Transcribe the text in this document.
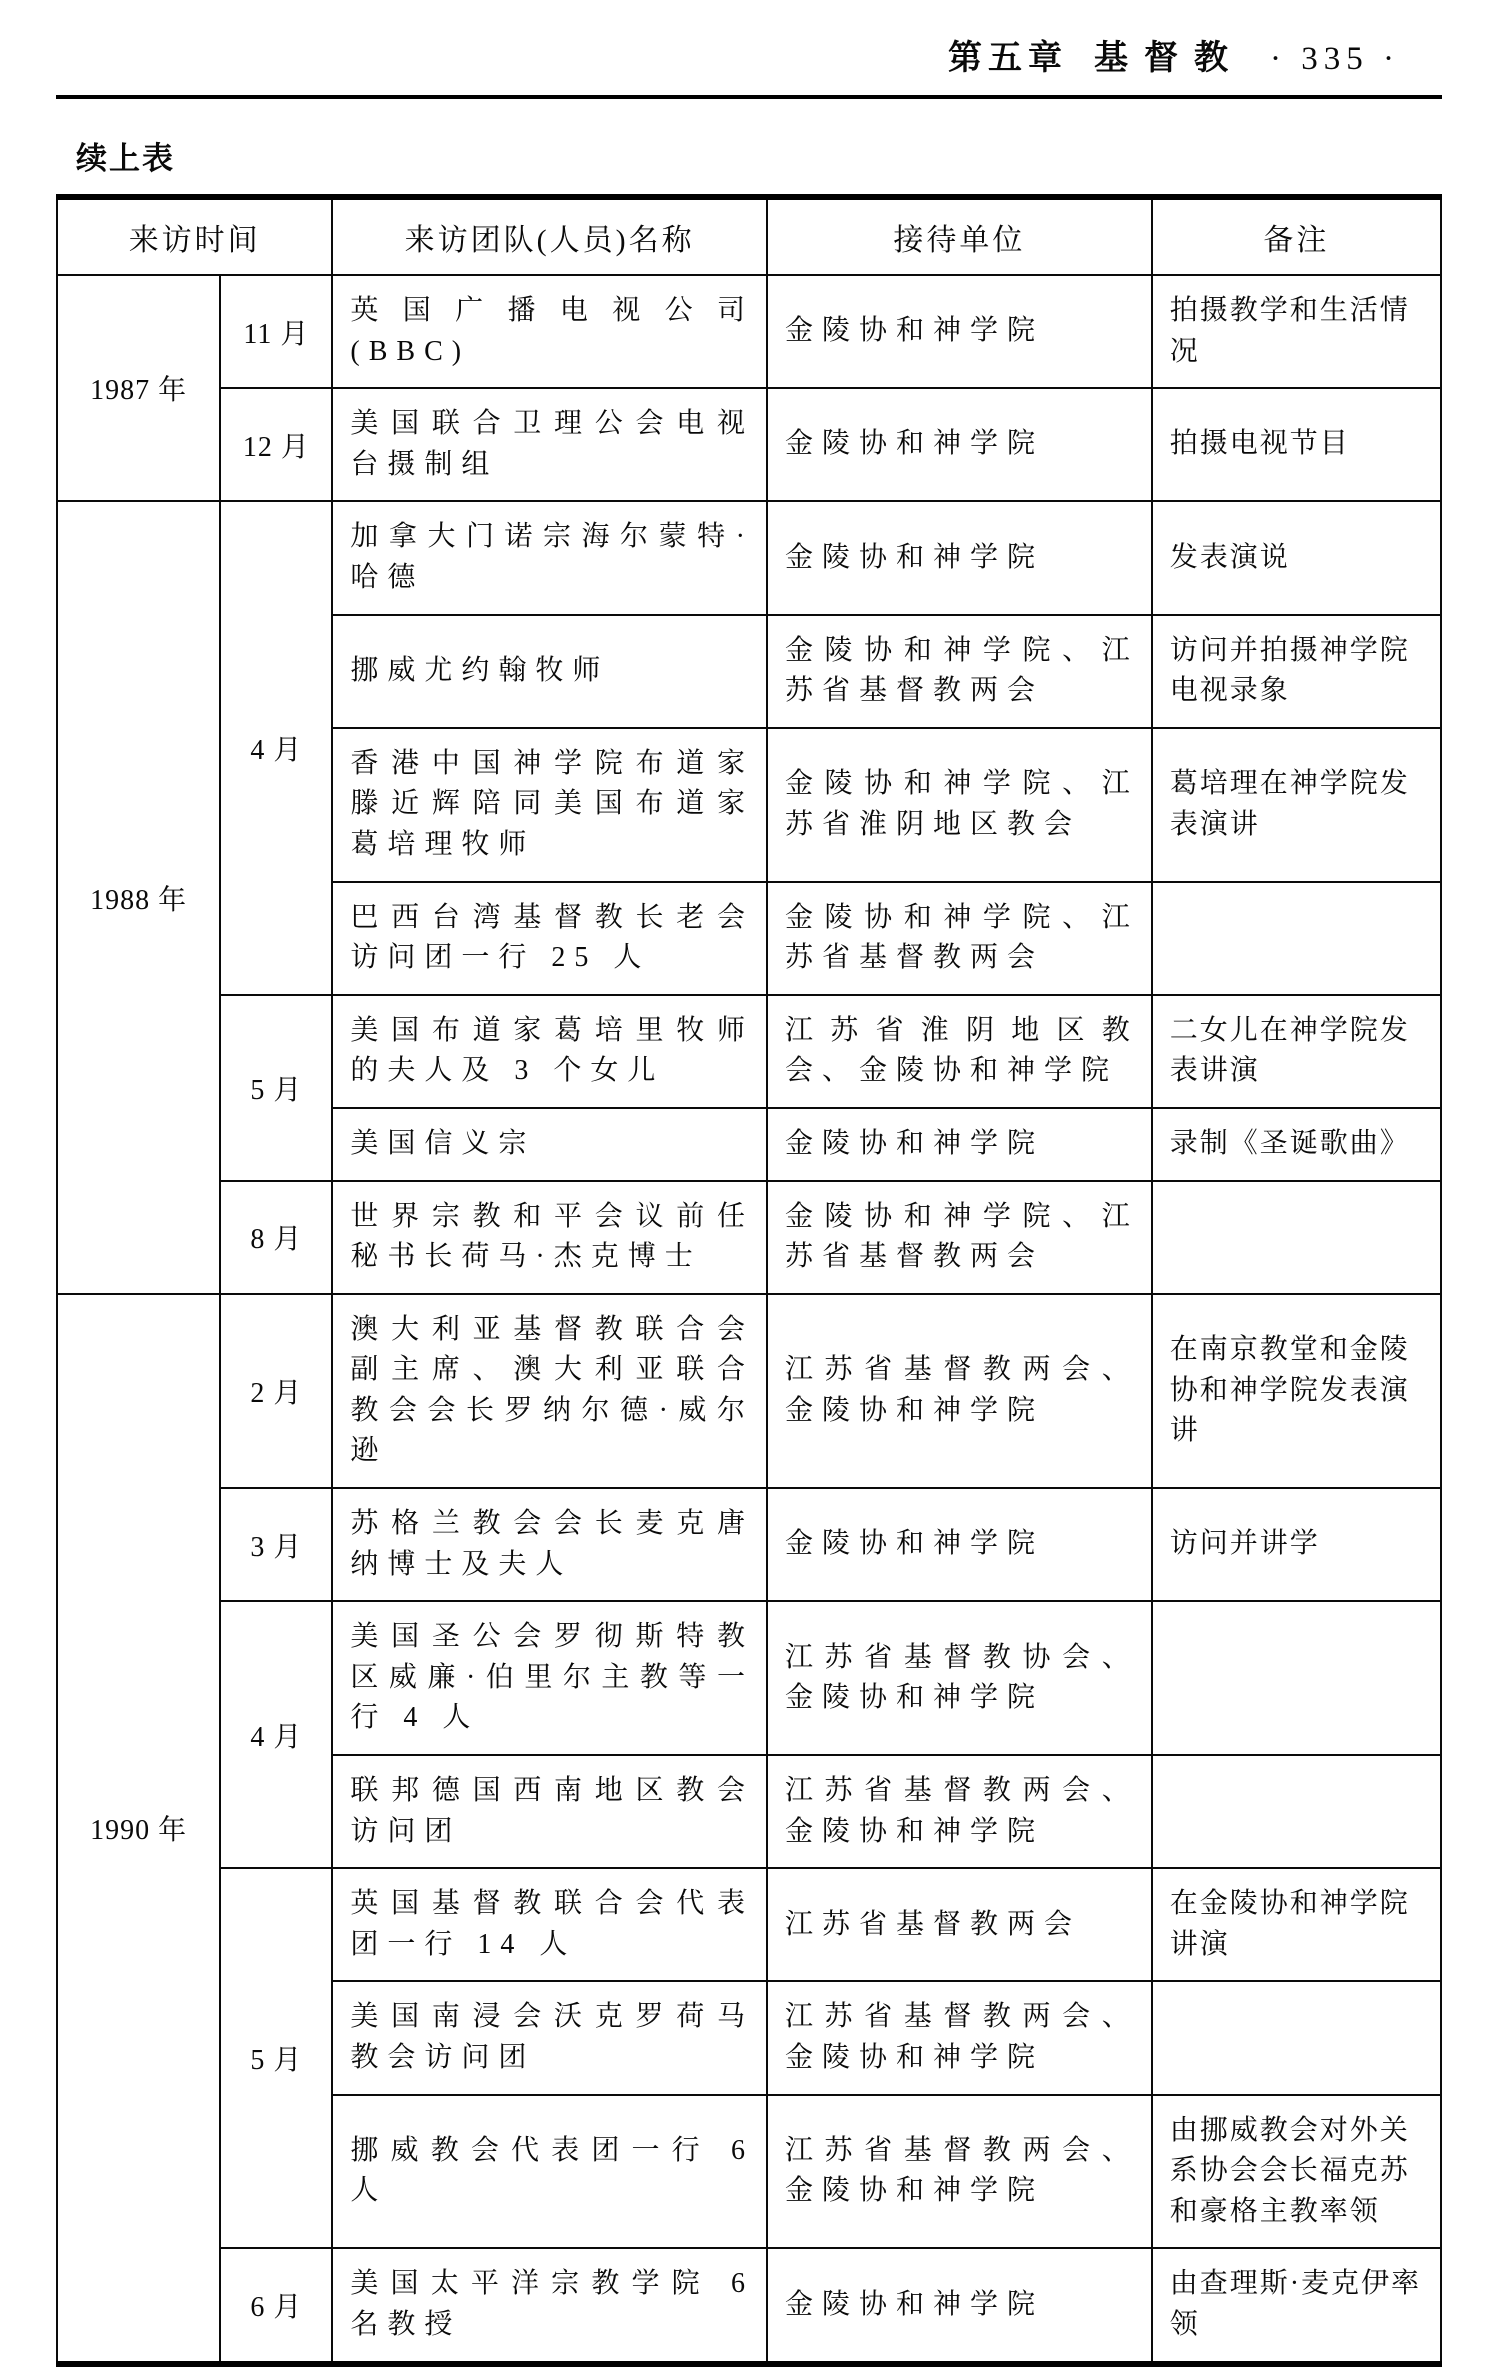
第五章 基督教 · 335 ·
续上表
来访时间		来访团队(人员)名称	接待单位	备注
1987 年	11 月	英国广播电视公司(BBC)	金陵协和神学院	拍摄教学和生活情况
	12 月	美国联合卫理公会电视台摄制组	金陵协和神学院	拍摄电视节目
1988 年	4 月	加拿大门诺宗海尔蒙特·哈德	金陵协和神学院	发表演说
		挪威尤约翰牧师	金陵协和神学院、江苏省基督教两会	访问并拍摄神学院电视录象
		香港中国神学院布道家滕近辉陪同美国布道家葛培理牧师	金陵协和神学院、江苏省淮阴地区教会	葛培理在神学院发表演讲
		巴西台湾基督教长老会访问团一行 25 人	金陵协和神学院、江苏省基督教两会	
	5 月	美国布道家葛培里牧师的夫人及 3 个女儿	江苏省淮阴地区教会、金陵协和神学院	二女儿在神学院发表讲演
		美国信义宗	金陵协和神学院	录制《圣诞歌曲》
	8 月	世界宗教和平会议前任秘书长荷马·杰克博士	金陵协和神学院、江苏省基督教两会	
1990 年	2 月	澳大利亚基督教联合会副主席、澳大利亚联合教会会长罗纳尔德·威尔逊	江苏省基督教两会、金陵协和神学院	在南京教堂和金陵协和神学院发表演讲
	3 月	苏格兰教会会长麦克唐纳博士及夫人	金陵协和神学院	访问并讲学
	4 月	美国圣公会罗彻斯特教区威廉·伯里尔主教等一行 4 人	江苏省基督教协会、金陵协和神学院	
		联邦德国西南地区教会访问团	江苏省基督教两会、金陵协和神学院	
	5 月	英国基督教联合会代表团一行 14 人	江苏省基督教两会	在金陵协和神学院讲演
		美国南浸会沃克罗荷马教会访问团	江苏省基督教两会、金陵协和神学院	
		挪威教会代表团一行 6 人	江苏省基督教两会、金陵协和神学院	由挪威教会对外关系协会会长福克苏和豪格主教率领
	6 月	美国太平洋宗教学院 6 名教授	金陵协和神学院	由查理斯·麦克伊率领
